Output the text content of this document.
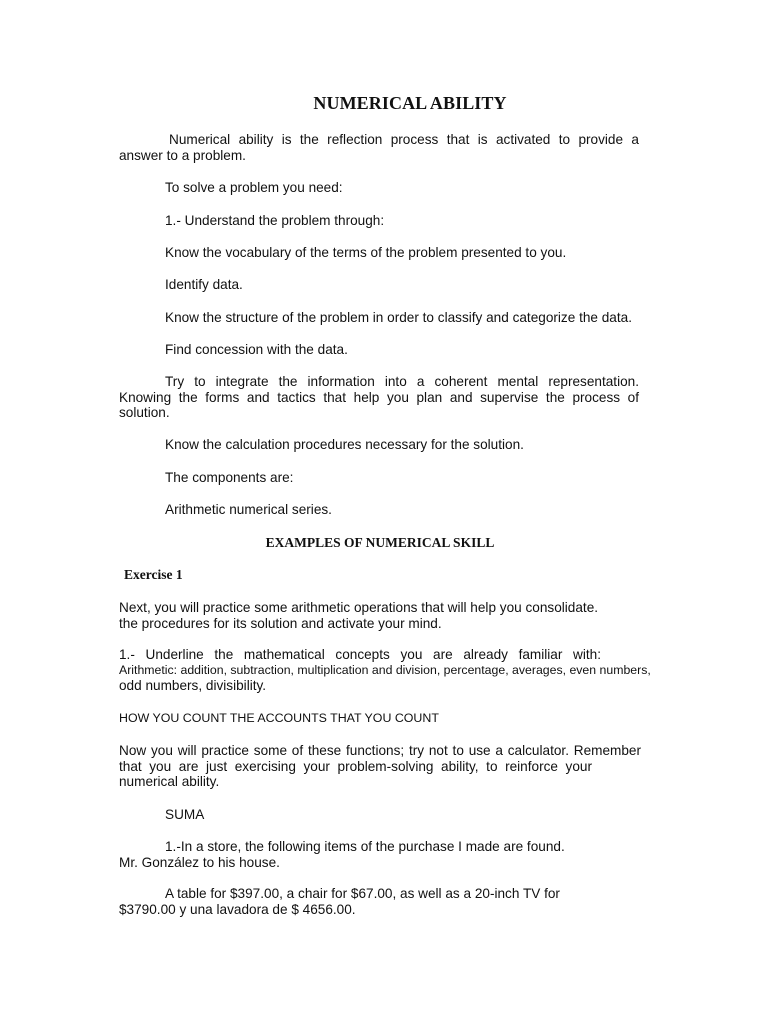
NUMERICAL ABILITY
Numerical ability is the reflection process that is activated to provide a
answer to a problem.
To solve a problem you need:
1.- Understand the problem through:
Know the vocabulary of the terms of the problem presented to you.
Identify data.
Know the structure of the problem in order to classify and categorize the data.
Find concession with the data.
Try to integrate the information into a coherent mental representation.
Knowing the forms and tactics that help you plan and supervise the process of
solution.
Know the calculation procedures necessary for the solution.
The components are:
Arithmetic numerical series.
EXAMPLES OF NUMERICAL SKILL
Exercise 1
Next, you will practice some arithmetic operations that will help you consolidate.
the procedures for its solution and activate your mind.
1.- Underline the mathematical concepts you are already familiar with:
Arithmetic: addition, subtraction, multiplication and division, percentage, averages, even numbers,
odd numbers, divisibility.
HOW YOU COUNT THE ACCOUNTS THAT YOU COUNT
Now you will practice some of these functions; try not to use a calculator. Remember
that you are just exercising your problem-solving ability, to reinforce your
numerical ability.
SUMA
1.-In a store, the following items of the purchase I made are found.
Mr. González to his house.
A table for $397.00, a chair for $67.00, as well as a 20-inch TV for
$3790.00 y una lavadora de $ 4656.00.
